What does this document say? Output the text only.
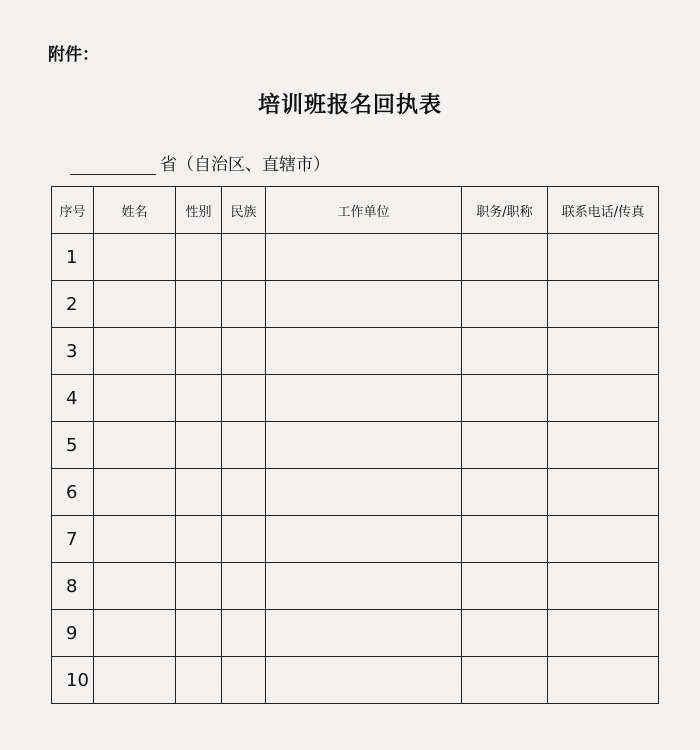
附件：
培训班报名回执表
省（自治区、直辖市）
序号	姓名	性别	民族	工作单位	职务/职称	联系电话/传真
1						
2						
3						
4						
5						
6						
7						
8						
9						
10						
